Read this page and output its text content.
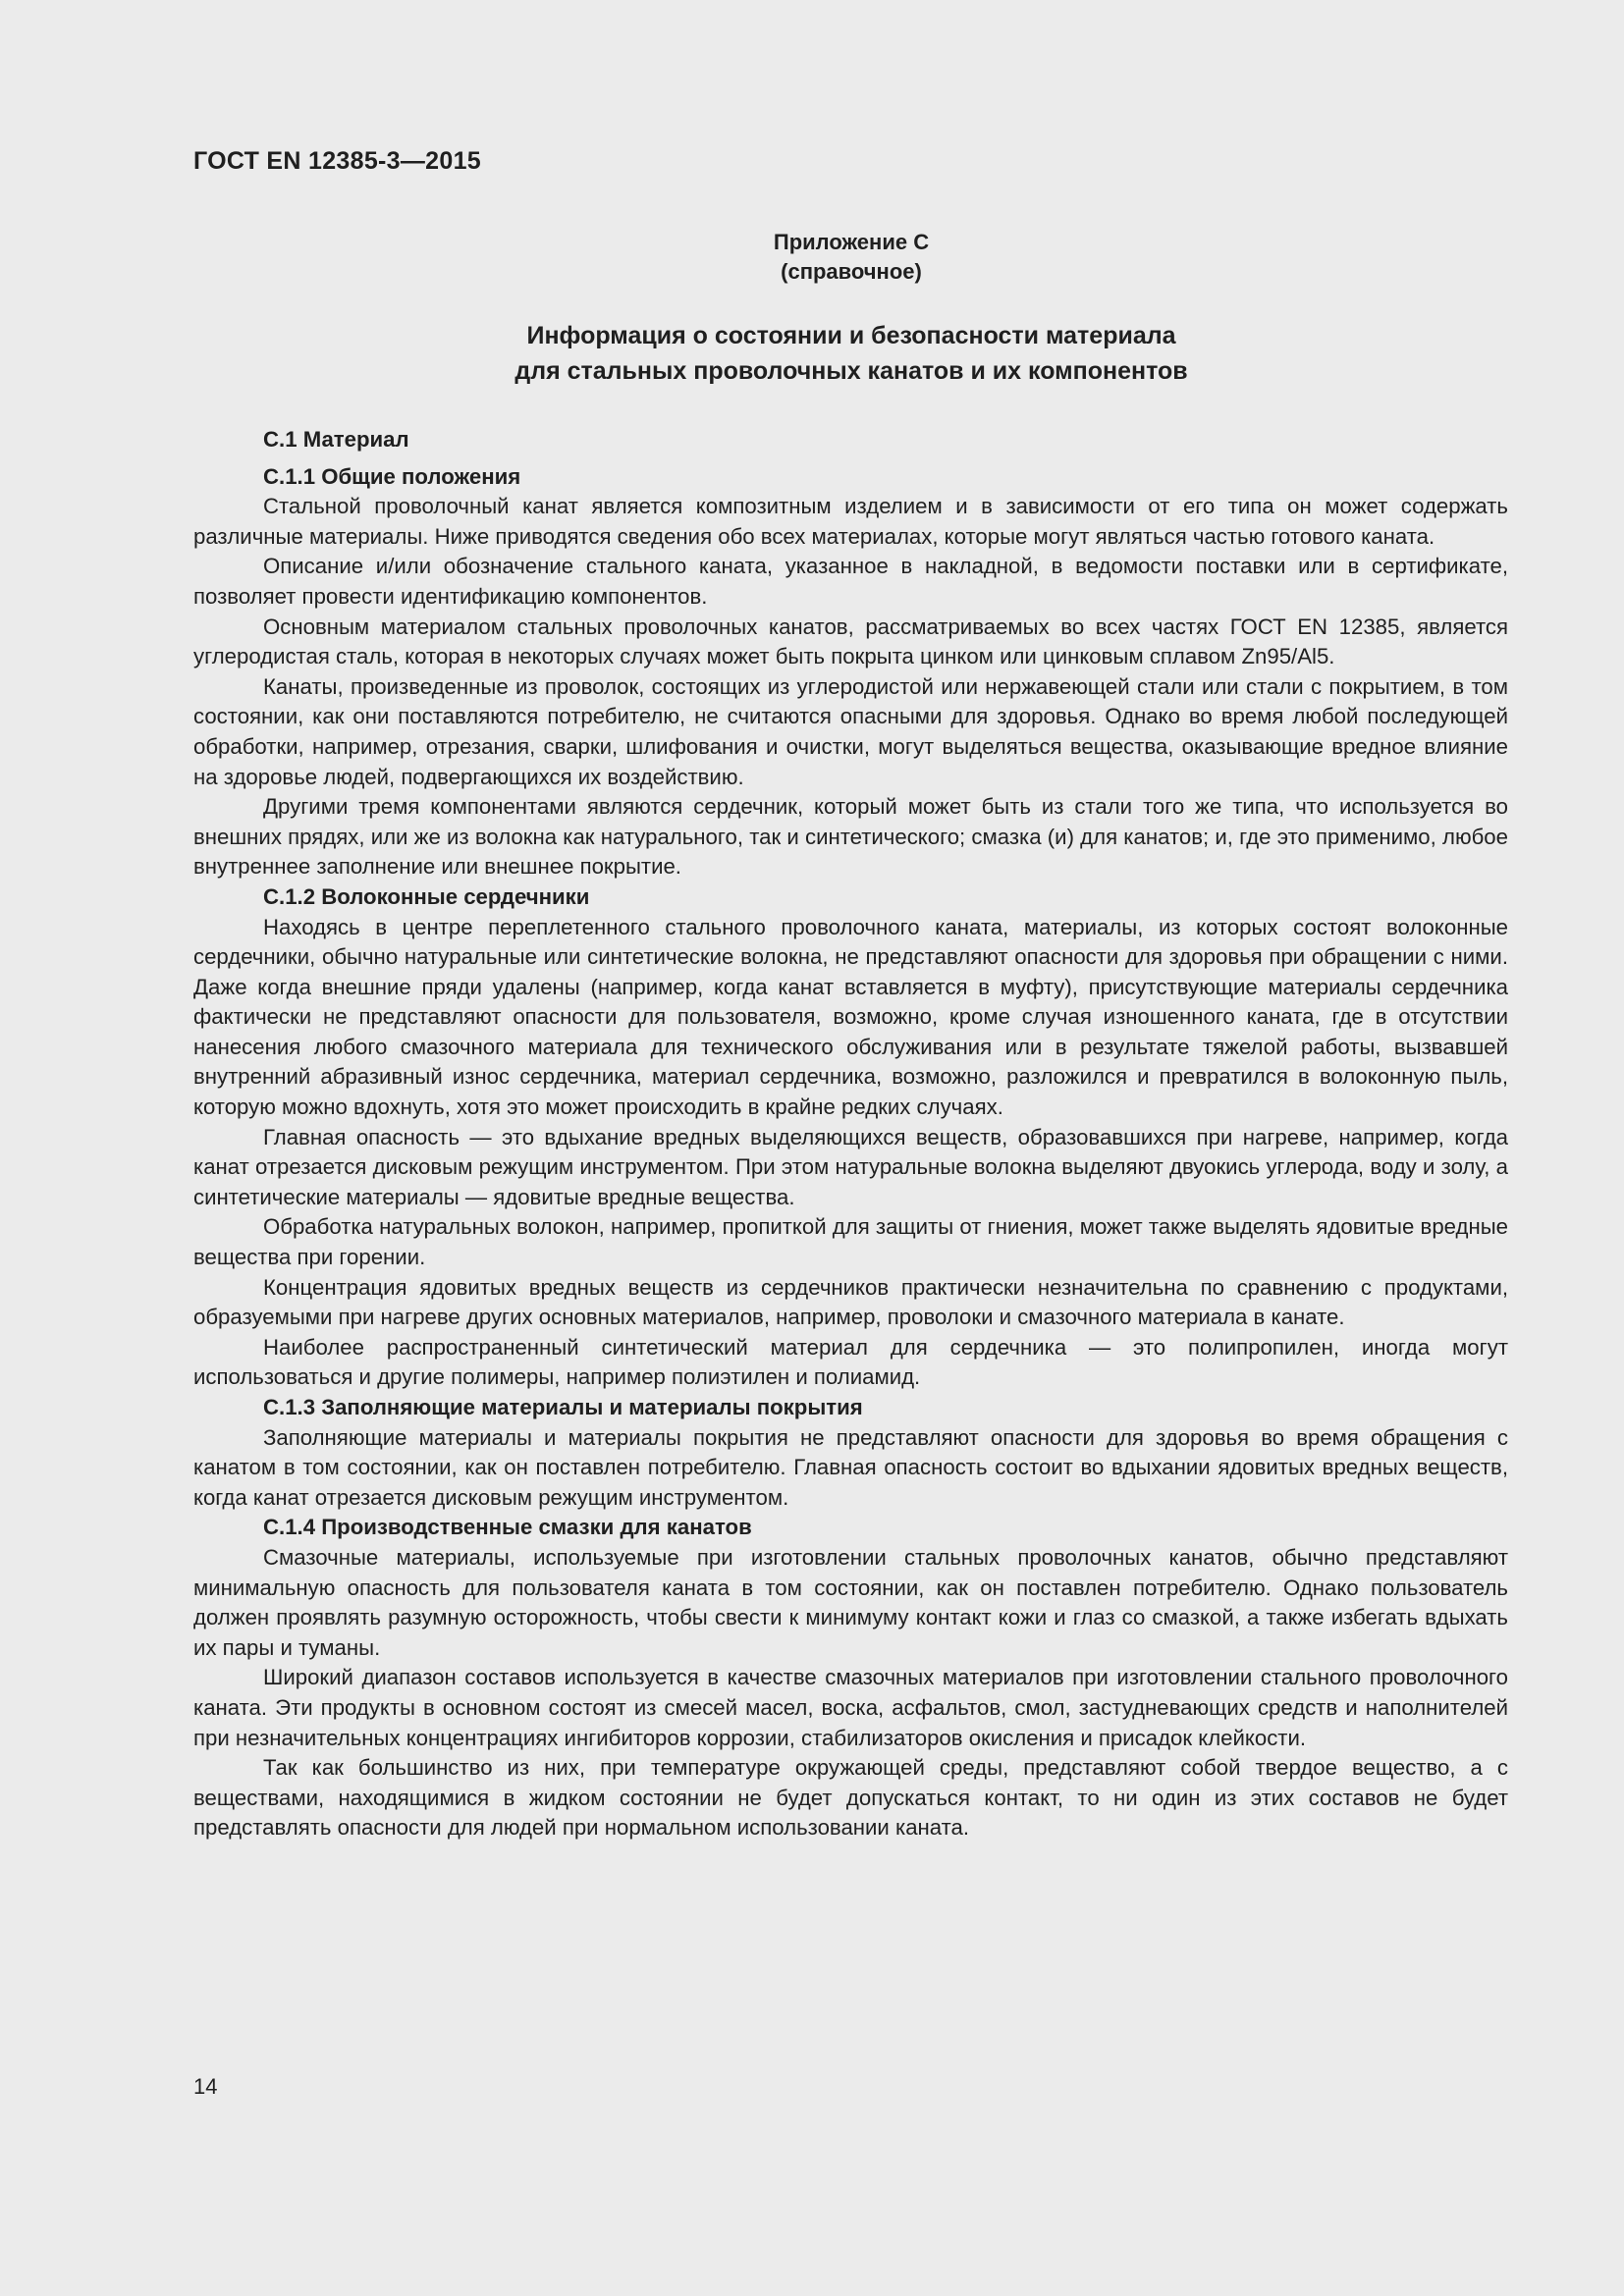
ГОСТ EN 12385-3—2015
Приложение С
(справочное)
Информация о состоянии и безопасности материала
для стальных проволочных канатов и их компонентов
С.1 Материал
С.1.1 Общие положения

Стальной проволочный канат является композитным изделием и в зависимости от его типа он может содержать различные материалы. Ниже приводятся сведения обо всех материалах, которые могут являться частью готового каната.

Описание и/или обозначение стального каната, указанное в накладной, в ведомости поставки или в сертификате, позволяет провести идентификацию компонентов.

Основным материалом стальных проволочных канатов, рассматриваемых во всех частях ГОСТ EN 12385, является углеродистая сталь, которая в некоторых случаях может быть покрыта цинком или цинковым сплавом Zn95/Al5.

Канаты, произведенные из проволок, состоящих из углеродистой или нержавеющей стали или стали с покрытием, в том состоянии, как они поставляются потребителю, не считаются опасными для здоровья. Однако во время любой последующей обработки, например, отрезания, сварки, шлифования и очистки, могут выделяться вещества, оказывающие вредное влияние на здоровье людей, подвергающихся их воздействию.

Другими тремя компонентами являются сердечник, который может быть из стали того же типа, что используется во внешних прядях, или же из волокна как натурального, так и синтетического; смазка (и) для канатов; и, где это применимо, любое внутреннее заполнение или внешнее покрытие.

С.1.2 Волоконные сердечники

Находясь в центре переплетенного стального проволочного каната, материалы, из которых состоят волоконные сердечники, обычно натуральные или синтетические волокна, не представляют опасности для здоровья при обращении с ними. Даже когда внешние пряди удалены (например, когда канат вставляется в муфту), присутствующие материалы сердечника фактически не представляют опасности для пользователя, возможно, кроме случая изношенного каната, где в отсутствии нанесения любого смазочного материала для технического обслуживания или в результате тяжелой работы, вызвавшей внутренний абразивный износ сердечника, материал сердечника, возможно, разложился и превратился в волоконную пыль, которую можно вдохнуть, хотя это может происходить в крайне редких случаях.

Главная опасность — это вдыхание вредных выделяющихся веществ, образовавшихся при нагреве, например, когда канат отрезается дисковым режущим инструментом. При этом натуральные волокна выделяют двуокись углерода, воду и золу, а синтетические материалы — ядовитые вредные вещества.

Обработка натуральных волокон, например, пропиткой для защиты от гниения, может также выделять ядовитые вредные вещества при горении.

Концентрация ядовитых вредных веществ из сердечников практически незначительна по сравнению с продуктами, образуемыми при нагреве других основных материалов, например, проволоки и смазочного материала в канате.

Наиболее распространенный синтетический материал для сердечника — это полипропилен, иногда могут использоваться и другие полимеры, например полиэтилен и полиамид.

С.1.3 Заполняющие материалы и материалы покрытия

Заполняющие материалы и материалы покрытия не представляют опасности для здоровья во время обращения с канатом в том состоянии, как он поставлен потребителю. Главная опасность состоит во вдыхании ядовитых вредных веществ, когда канат отрезается дисковым режущим инструментом.

С.1.4 Производственные смазки для канатов

Смазочные материалы, используемые при изготовлении стальных проволочных канатов, обычно представляют минимальную опасность для пользователя каната в том состоянии, как он поставлен потребителю. Однако пользователь должен проявлять разумную осторожность, чтобы свести к минимуму контакт кожи и глаз со смазкой, а также избегать вдыхать их пары и туманы.

Широкий диапазон составов используется в качестве смазочных материалов при изготовлении стального проволочного каната. Эти продукты в основном состоят из смесей масел, воска, асфальтов, смол, застудневающих средств и наполнителей при незначительных концентрациях ингибиторов коррозии, стабилизаторов окисления и присадок клейкости.

Так как большинство из них, при температуре окружающей среды, представляют собой твердое вещество, а с веществами, находящимися в жидком состоянии не будет допускаться контакт, то ни один из этих составов не будет представлять опасности для людей при нормальном использовании каната.

14
